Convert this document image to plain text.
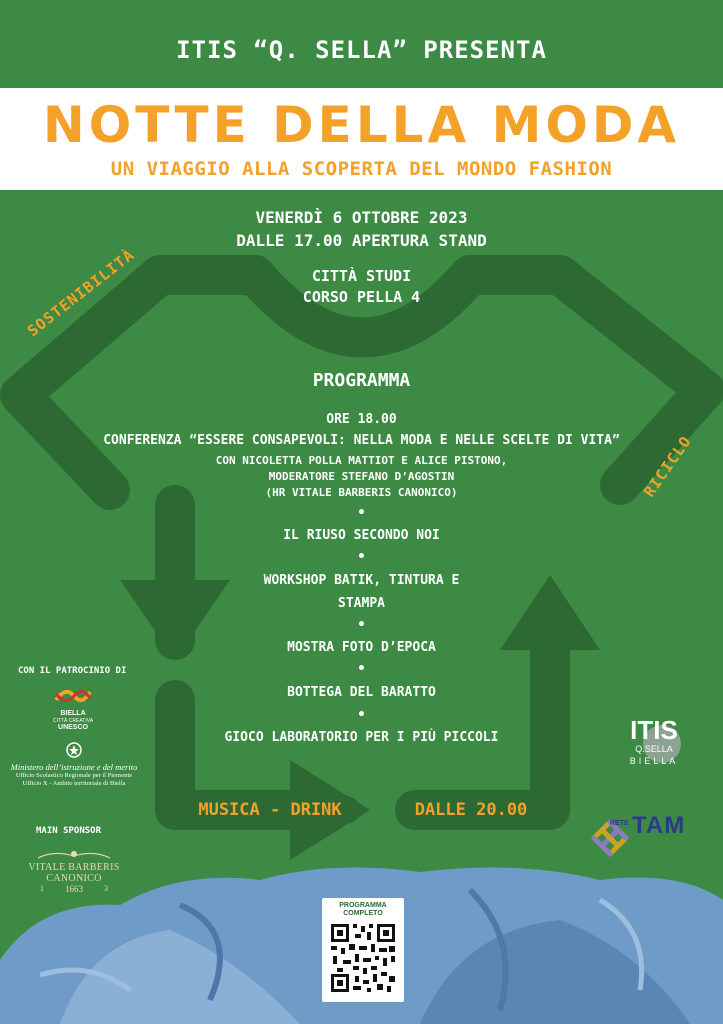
ITIS “Q. SELLA” PRESENTA
NOTTE DELLA MODA
UN VIAGGIO ALLA SCOPERTA DEL MONDO FASHION
VENERDÌ 6 OTTOBRE 2023
DALLE 17.00 APERTURA STAND
CITTÀ STUDI
CORSO PELLA 4
SOSTENIBILITÀ
RICICLO
PROGRAMMA
ORE 18.00
CONFERENZA “ESSERE CONSAPEVOLI: NELLA MODA E NELLE SCELTE DI VITA”
CON NICOLETTA POLLA MATTIOT E ALICE PISTONO,
MODERATORE STEFANO D’AGOSTIN
(HR VITALE BARBERIS CANONICO)
•
IL RIUSO SECONDO NOI
•
WORKSHOP BATIK, TINTURA E
STAMPA
•
MOSTRA FOTO D’EPOCA
•
BOTTEGA DEL BARATTO
•
GIOCO LABORATORIO PER I PIÙ PICCOLI
MUSICA - DRINK	DALLE 20.00
CON IL PATROCINIO DI
BIELLA
CITTÀ CREATIVA
UNESCO
Ministero dell’istruzione e del merito
Ufficio Scolastico Regionale per il Piemonte
Ufficio X - Ambito territoriale di Biella
MAIN SPONSOR
VITALE BARBERIS CANONICO
1 1663	3
ITIS
Q.SELLA
BIELLA
RETE TAM
PROGRAMMA
COMPLETO
